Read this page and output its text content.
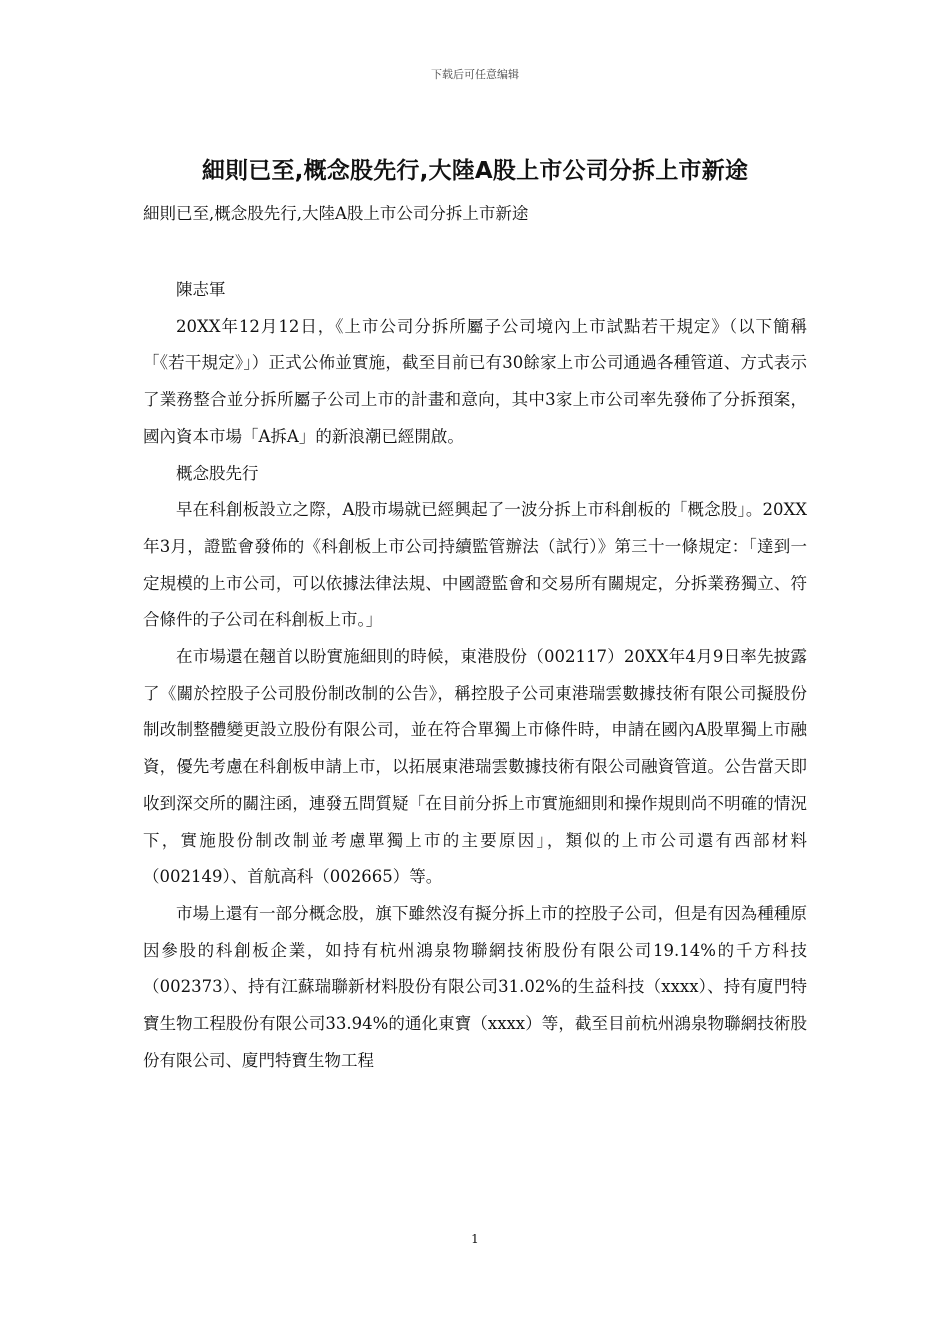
下载后可任意编辑
細則已至,概念股先行,大陸A股上市公司分拆上市新途
細則已至,概念股先行,大陸A股上市公司分拆上市新途

陳志軍

20XX年12月12日，《上市公司分拆所屬子公司境內上市試點若干規定》（以下簡稱「《若干規定》」）正式公佈並實施，截至目前已有30餘家上市公司通過各種管道、方式表示了業務整合並分拆所屬子公司上市的計畫和意向，其中3家上市公司率先發佈了分拆預案，國內資本市場「A拆A」的新浪潮已經開啟。

概念股先行

早在科創板設立之際，A股市場就已經興起了一波分拆上市科創板的「概念股」。20XX年3月，證監會發佈的《科創板上市公司持續監管辦法（試行）》第三十一條規定：「達到一定規模的上市公司，可以依據法律法規、中國證監會和交易所有關規定，分拆業務獨立、符合條件的子公司在科創板上市。」

在市場還在翹首以盼實施細則的時候，東港股份（002117）20XX年4月9日率先披露了《關於控股子公司股份制改制的公告》，稱控股子公司東港瑞雲數據技術有限公司擬股份制改制整體變更設立股份有限公司，並在符合單獨上市條件時，申請在國內A股單獨上市融資，優先考慮在科創板申請上市，以拓展東港瑞雲數據技術有限公司融資管道。公告當天即收到深交所的關注函，連發五問質疑「在目前分拆上市實施細則和操作規則尚不明確的情況下，實施股份制改制並考慮單獨上市的主要原因」，類似的上市公司還有西部材料（002149）、首航高科（002665）等。

市場上還有一部分概念股，旗下雖然沒有擬分拆上市的控股子公司，但是有因為種種原因參股的科創板企業，如持有杭州鴻泉物聯網技術股份有限公司19.14%的千方科技（002373）、持有江蘇瑞聯新材料股份有限公司31.02%的生益科技（xxxx）、持有廈門特寶生物工程股份有限公司33.94%的通化東寶（xxxx）等，截至目前杭州鴻泉物聯網技術股份有限公司、廈門特寶生物工程

1
